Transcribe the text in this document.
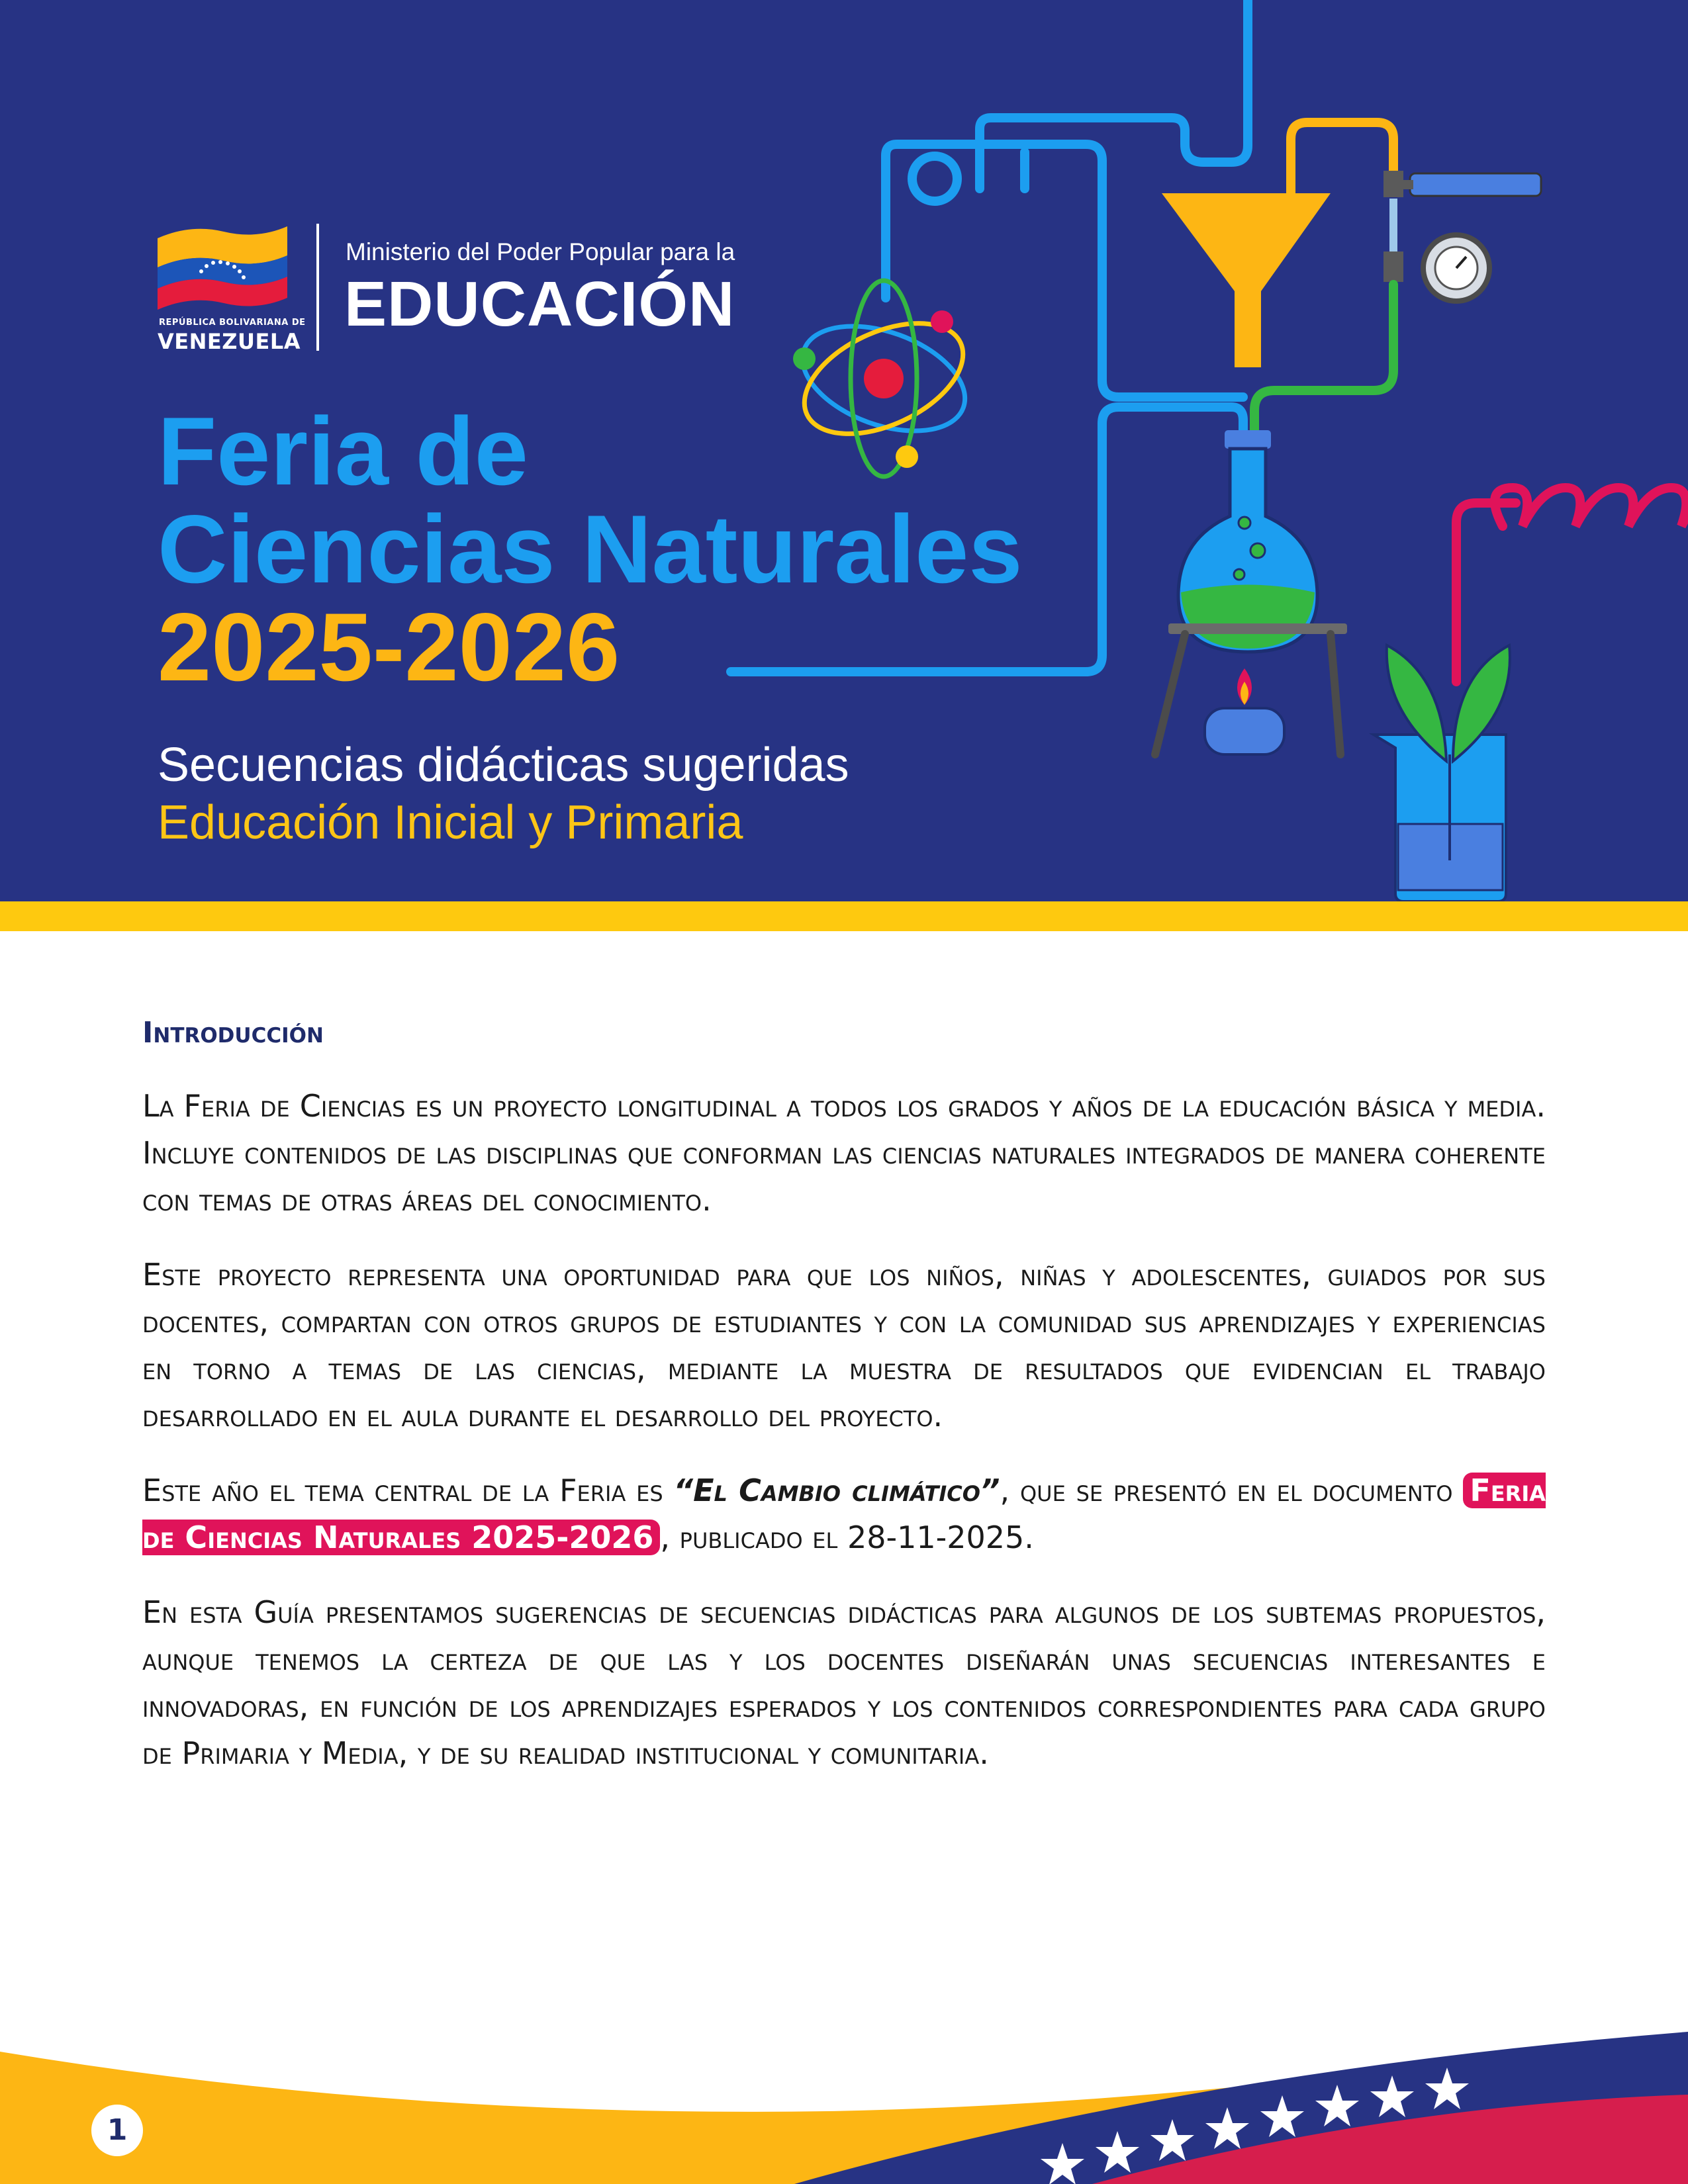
REPÚBLICA BOLIVARIANA DE
VENEZUELA
Ministerio del Poder Popular para la
EDUCACIÓN
Feria de
Ciencias Naturales
2025-2026
Secuencias didácticas sugeridas
Educación Inicial y Primaria
Introducción

La Feria de Ciencias es un proyecto longitudinal a todos los grados y años de la educación básica y media. Incluye contenidos de las disciplinas que conforman las ciencias naturales integrados de manera coherente con temas de otras áreas del conocimiento.

Este proyecto representa una oportunidad para que los niños, niñas y adolescentes, guiados por sus docentes, compartan con otros grupos de estudiantes y con la comunidad sus aprendizajes y experiencias en torno a temas de las ciencias, mediante la muestra de resultados que evidencian el trabajo desarrollado en el aula durante el desarrollo del proyecto.

Este año el tema central de la Feria es “El Cambio climático”, que se presentó en el documento Feria de Ciencias Naturales 2025-2026 , publicado el 28-11-2025.

En esta Guía presentamos sugerencias de secuencias didácticas para algunos de los subtemas propuestos, aunque tenemos la certeza de que las y los docentes diseñarán unas secuencias interesantes e innovadoras, en función de los aprendizajes esperados y los contenidos correspondientes para cada grupo de Primaria y Media, y de su realidad institucional y comunitaria.

1
